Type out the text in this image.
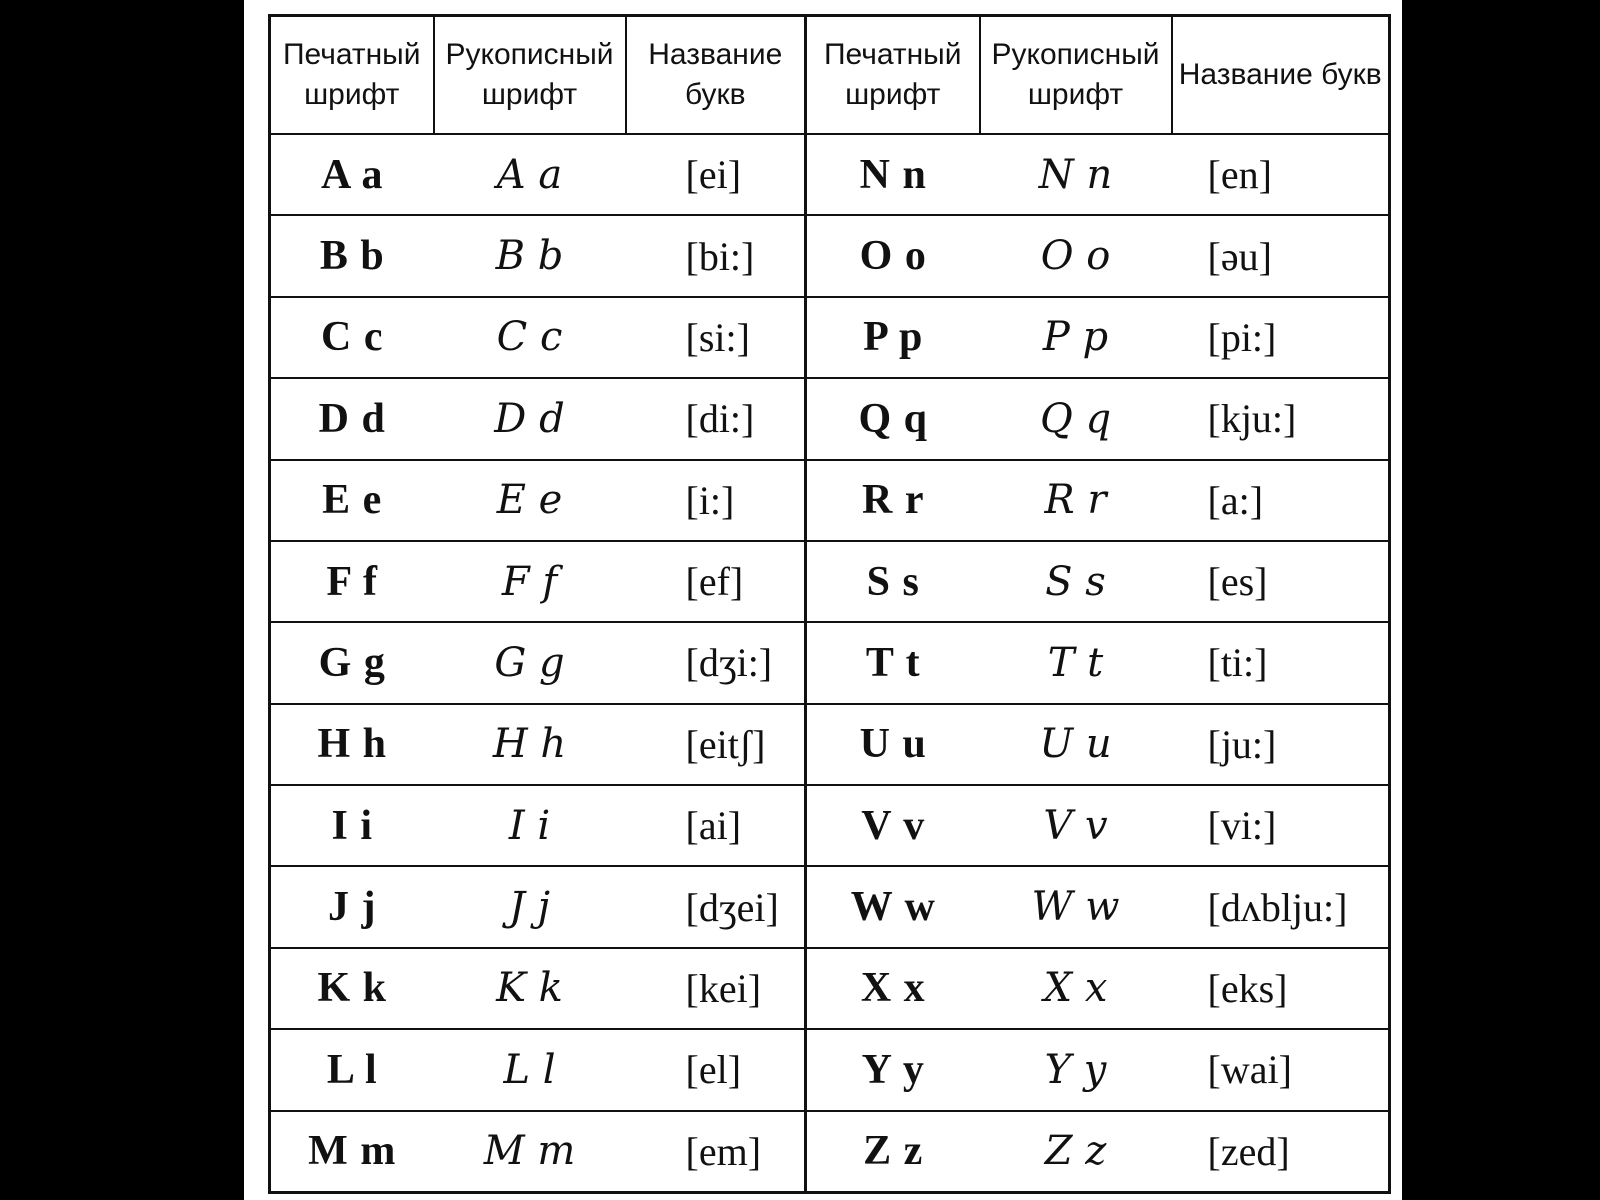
Печатный шрифт	Рукописный шрифт	Название букв	Печатный шрифт	Рукописный шрифт	Название букв
A a	A a	[ei]	N n	N n	[en]
B b	B b	[bi:]	O o	O o	[əu]
C c	C c	[si:]	P p	P p	[pi:]
D d	D d	[di:]	Q q	Q q	[kju:]
E e	E e	[i:]	R r	R r	[a:]
F f	F f	[ef]	S s	S s	[es]
G g	G g	[dʒi:]	T t	T t	[ti:]
H h	H h	[eitʃ]	U u	U u	[ju:]
I i	I i	[ai]	V v	V v	[vi:]
J j	J j	[dʒei]	W w	W w	[dʌblju:]
K k	K k	[kei]	X x	X x	[eks]
L l	L l	[el]	Y y	Y y	[wai]
M m	M m	[em]	Z z	Z z	[zed]
